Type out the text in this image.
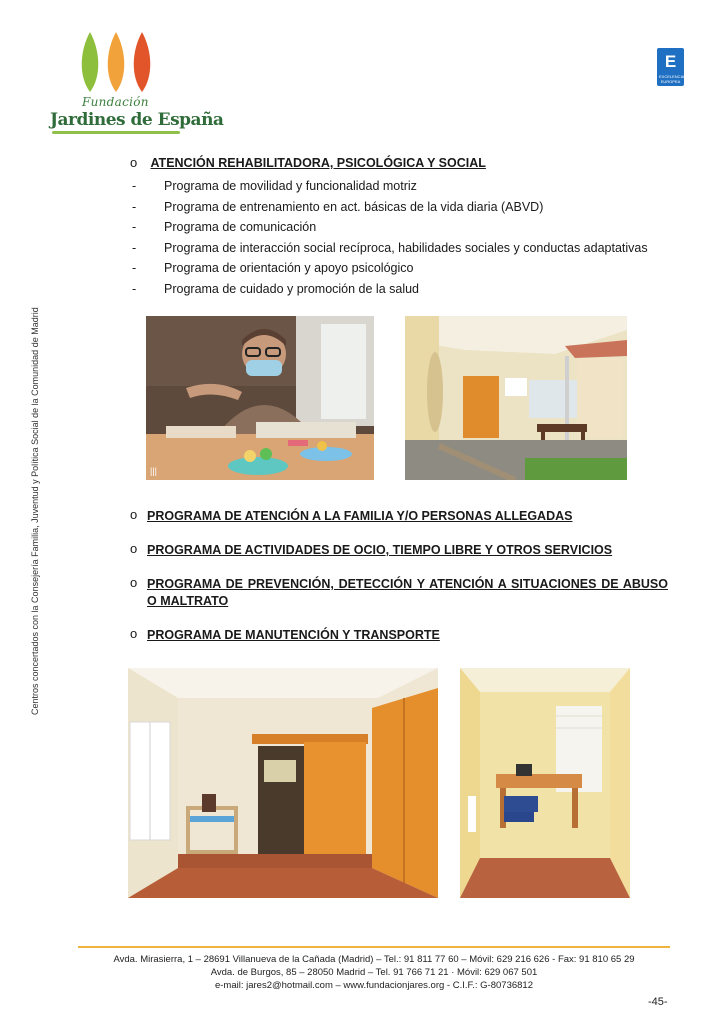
Fundación
Jardines de España
E
EXCELENCIA EUROPEA
Centros concertados con la Consejería Familia, Juventud y Política Social de la Comunidad de Madrid
o ATENCIÓN REHABILITADORA, PSICOLÓGICA Y SOCIAL
- Programa de movilidad y funcionalidad motriz
- Programa de entrenamiento en act. básicas de la vida diaria (ABVD)
- Programa de comunicación
- Programa de interacción social recíproca, habilidades sociales y conductas adaptativas
- Programa de orientación y apoyo psicológico
- Programa de cuidado y promoción de la salud
|||
o PROGRAMA DE ATENCIÓN A LA FAMILIA Y/O PERSONAS ALLEGADAS
o PROGRAMA DE ACTIVIDADES DE OCIO, TIEMPO LIBRE Y OTROS SERVICIOS
o PROGRAMA DE PREVENCIÓN, DETECCIÓN Y ATENCIÓN A SITUACIONES DE ABUSO O MALTRATO
o PROGRAMA DE MANUTENCIÓN Y TRANSPORTE
Avda. Mirasierra, 1 – 28691 Villanueva de la Cañada (Madrid) – Tel.: 91 811 77 60 – Móvil: 629 216 626 - Fax: 91 810 65 29
Avda. de Burgos, 85 – 28050 Madrid – Tel. 91 766 71 21 · Móvil: 629 067 501
e-mail: jares2@hotmail.com – www.fundacionjares.org - C.I.F.: G-80736812
-45-
